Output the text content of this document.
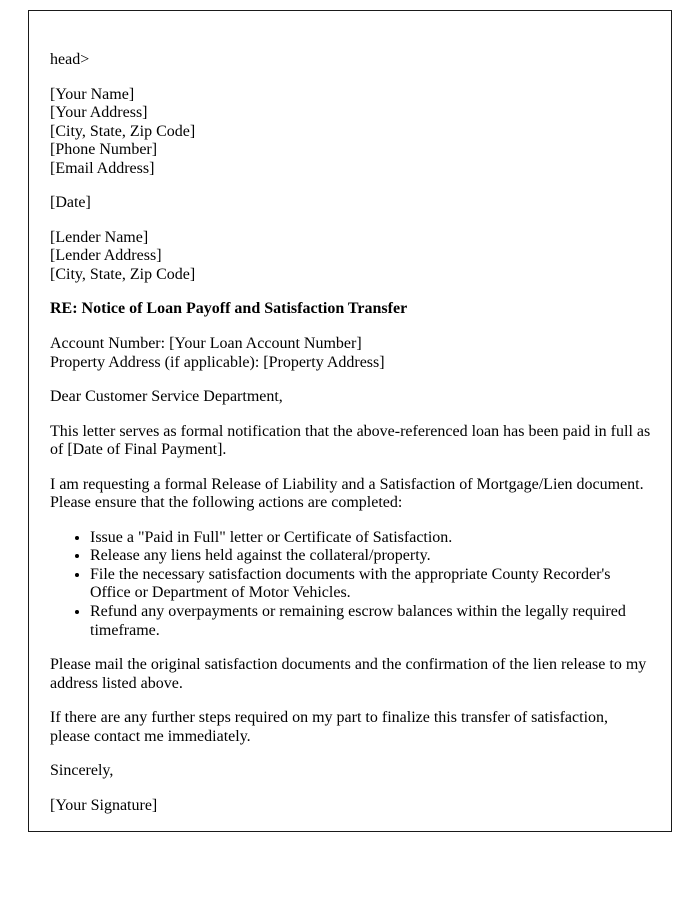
head>

[Your Name]
[Your Address]
[City, State, Zip Code]
[Phone Number]
[Email Address]

[Date]

[Lender Name]
[Lender Address]
[City, State, Zip Code]

RE: Notice of Loan Payoff and Satisfaction Transfer

Account Number: [Your Loan Account Number]
Property Address (if applicable): [Property Address]

Dear Customer Service Department,

This letter serves as formal notification that the above-referenced loan has been paid in full as of [Date of Final Payment].

I am requesting a formal Release of Liability and a Satisfaction of Mortgage/Lien document. Please ensure that the following actions are completed:

• Issue a "Paid in Full" letter or Certificate of Satisfaction.
• Release any liens held against the collateral/property.
• File the necessary satisfaction documents with the appropriate County Recorder's Office or Department of Motor Vehicles.
• Refund any overpayments or remaining escrow balances within the legally required timeframe.

Please mail the original satisfaction documents and the confirmation of the lien release to my address listed above.

If there are any further steps required on my part to finalize this transfer of satisfaction, please contact me immediately.

Sincerely,

[Your Signature]
